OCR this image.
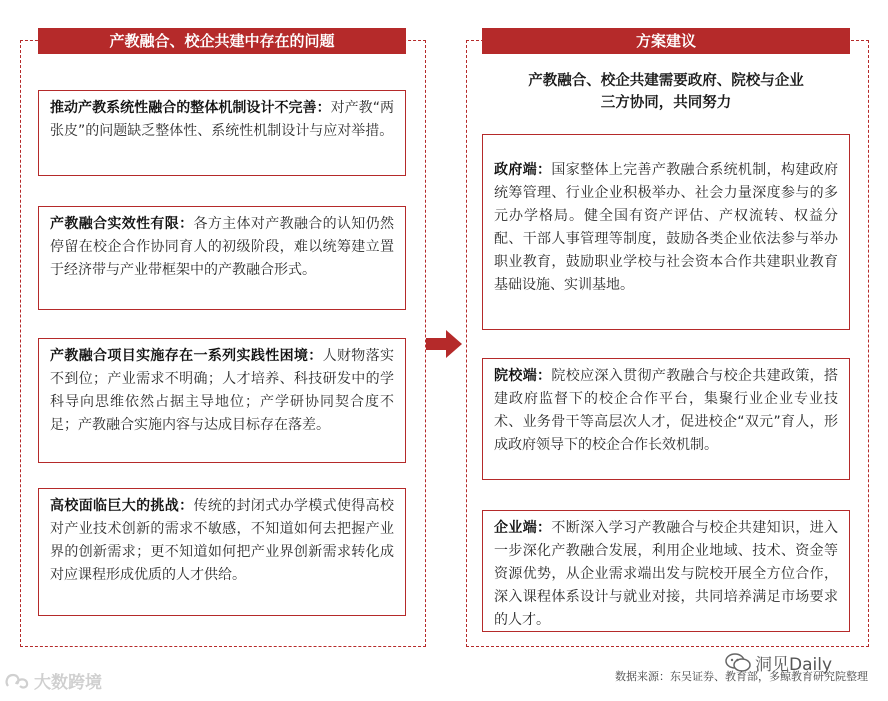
产教融合、校企共建中存在的问题	方案建议
推动产教系统性融合的整体机制设计不完善：对产教“两张皮”的问题缺乏整体性、系统性机制设计与应对举措。
产教融合实效性有限：各方主体对产教融合的认知仍然停留在校企合作协同育人的初级阶段，难以统筹建立置于经济带与产业带框架中的产教融合形式。
产教融合项目实施存在一系列实践性困境：人财物落实不到位；产业需求不明确；人才培养、科技研发中的学科导向思维依然占据主导地位；产学研协同契合度不足；产教融合实施内容与达成目标存在落差。
高校面临巨大的挑战：传统的封闭式办学模式使得高校对产业技术创新的需求不敏感，不知道如何去把握产业界的创新需求；更不知道如何把产业界创新需求转化成对应课程形成优质的人才供给。
产教融合、校企共建需要政府、院校与企业
三方协同，共同努力
政府端：国家整体上完善产教融合系统机制，构建政府统筹管理、行业企业积极举办、社会力量深度参与的多元办学格局。健全国有资产评估、产权流转、权益分配、干部人事管理等制度，鼓励各类企业依法参与举办职业教育，鼓励职业学校与社会资本合作共建职业教育基础设施、实训基地。
院校端：院校应深入贯彻产教融合与校企共建政策，搭建政府监督下的校企合作平台，集聚行业企业专业技术、业务骨干等高层次人才，促进校企“双元”育人，形成政府领导下的校企合作长效机制。
企业端：不断深入学习产教融合与校企共建知识，进入一步深化产教融合发展，利用企业地域、技术、资金等资源优势，从企业需求端出发与院校开展全方位合作，深入课程体系设计与就业对接，共同培养满足市场要求的人才。
洞见Daily
数据来源：东吴证券、教育部，多鲸教育研究院整理
大数跨境
